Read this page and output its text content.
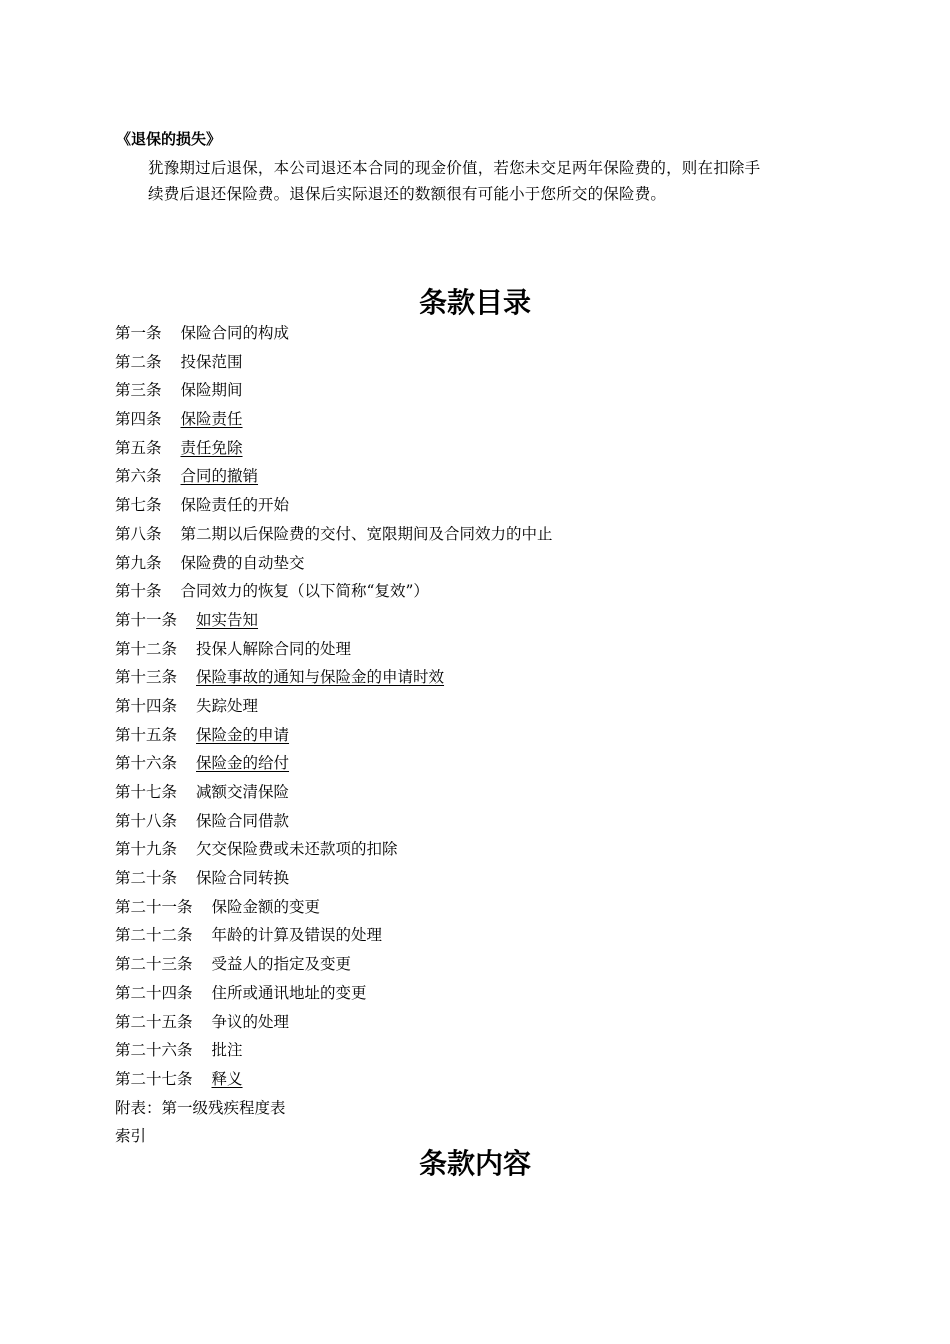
《退保的损失》

犹豫期过后退保，本公司退还本合同的现金价值，若您未交足两年保险费的，则在扣除手
续费后退还保险费。退保后实际退还的数额很有可能小于您所交的保险费。

条款目录
第一条 保险合同的构成
第二条 投保范围
第三条 保险期间
第四条 保险责任
第五条 责任免除
第六条 合同的撤销
第七条 保险责任的开始
第八条 第二期以后保险费的交付、宽限期间及合同效力的中止
第九条 保险费的自动垫交
第十条 合同效力的恢复（以下简称“复效”）
第十一条 如实告知
第十二条 投保人解除合同的处理
第十三条 保险事故的通知与保险金的申请时效
第十四条 失踪处理
第十五条 保险金的申请
第十六条 保险金的给付
第十七条 减额交清保险
第十八条 保险合同借款
第十九条 欠交保险费或未还款项的扣除
第二十条 保险合同转换
第二十一条 保险金额的变更
第二十二条 年龄的计算及错误的处理
第二十三条 受益人的指定及变更
第二十四条 住所或通讯地址的变更
第二十五条 争议的处理
第二十六条 批注
第二十七条 释义
附表：第一级残疾程度表
索引
条款内容
